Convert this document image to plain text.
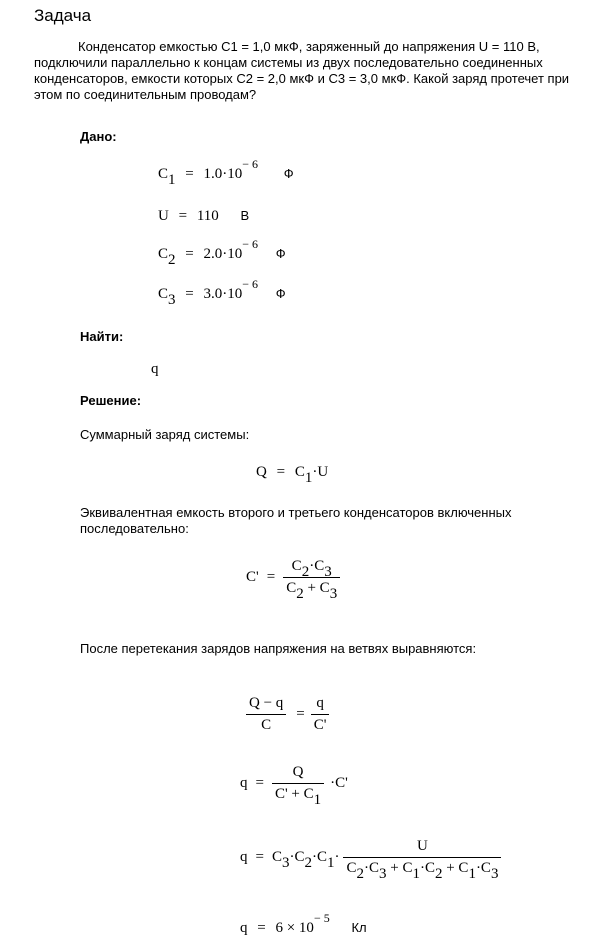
Задача
Конденсатор емкостью C1 = 1,0 мкФ, заряженный до напряжения U = 110 В, подключили параллельно к концам системы из двух последовательно соединенных конденсаторов, емкости которых C2 = 2,0 мкФ и C3 = 3,0 мкФ. Какой заряд протечет при этом по соединительным проводам?
Дано:
$C1 = 1.0\cdot 10^{- 6}$ Ф
U = 110 В
$C2 = 2.0\cdot 10^{- 6}$ Ф
$C3 = 3.0\cdot 10^{- 6}$ Ф
Найти:
q
Решение:
Суммарный заряд системы:
Q = C1·U
Эквивалентная емкость второго и третьего конденсаторов включенных последовательно:
$C' = \frac{C2\cdot C3}{C2 + C3}$
После перетекания зарядов напряжения на ветвях выравняются:
$\frac{Q - q}{C} = \frac{q}{C'}$
$q = \frac{Q}{C' + C1} \cdot C'$
$q = C3\cdot C2\cdot C1\cdot \frac{U}{C2\cdot C3 + C1\cdot C2 + C1\cdot C3}$
$q = 6 \times 10^{- 5}$ Кл
